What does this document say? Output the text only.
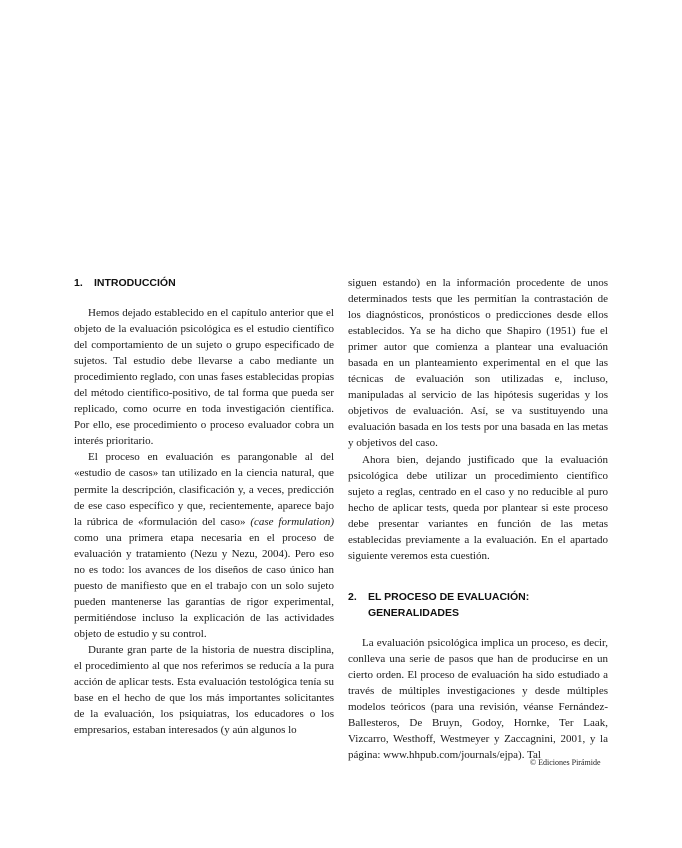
1.	INTRODUCCIÓN

Hemos dejado establecido en el capítulo anterior que el objeto de la evaluación psicológica es el estudio científico del comportamiento de un sujeto o grupo especificado de sujetos. Tal estudio debe llevarse a cabo mediante un procedimiento reglado, con unas fases establecidas propias del método científico-positivo, de tal forma que pueda ser replicado, como ocurre en toda investigación científica. Por ello, ese procedimiento o proceso evaluador cobra un interés prioritario.

El proceso en evaluación es parangonable al del «estudio de casos» tan utilizado en la ciencia natural, que permite la descripción, clasificación y, a veces, predicción de ese caso específico y que, recientemente, aparece bajo la rúbrica de «formulación del caso» (case formulation) como una primera etapa necesaria en el proceso de evaluación y tratamiento (Nezu y Nezu, 2004). Pero eso no es todo: los avances de los diseños de caso único han puesto de manifiesto que en el trabajo con un solo sujeto pueden mantenerse las garantías de rigor experimental, permitiéndose incluso la explicación de las actividades objeto de estudio y su control.

Durante gran parte de la historia de nuestra disciplina, el procedimiento al que nos referimos se reducía a la pura acción de aplicar tests. Esta evaluación testológica tenía su base en el hecho de que los más importantes solicitantes de la evaluación, los psiquiatras, los educadores o los empresarios, estaban interesados (y aún algunos lo

siguen estando) en la información procedente de unos determinados tests que les permitían la contrastación de los diagnósticos, pronósticos o predicciones desde ellos establecidos. Ya se ha dicho que Shapiro (1951) fue el primer autor que comienza a plantear una evaluación basada en un planteamiento experimental en el que las técnicas de evaluación son utilizadas e, incluso, manipuladas al servicio de las hipótesis sugeridas y los objetivos de evaluación. Así, se va sustituyendo una evaluación basada en los tests por una basada en las metas y objetivos del caso.

Ahora bien, dejando justificado que la evaluación psicológica debe utilizar un procedimiento científico sujeto a reglas, centrado en el caso y no reducible al puro hecho de aplicar tests, queda por plantear si este proceso debe presentar variantes en función de las metas establecidas previamente a la evaluación. En el apartado siguiente veremos esta cuestión.

2.	EL PROCESO DE EVALUACIÓN:
GENERALIDADES

La evaluación psicológica implica un proceso, es decir, conlleva una serie de pasos que han de producirse en un cierto orden. El proceso de evaluación ha sido estudiado a través de múltiples investigaciones y desde múltiples modelos teóricos (para una revisión, véanse Fernández-Ballesteros, De Bruyn, Godoy, Hornke, Ter Laak, Vizcarro, Westhoff, Westmeyer y Zaccagnini, 2001, y la página: www.hhpub.com/journals/ejpa). Tal

© Ediciones Pirámide
